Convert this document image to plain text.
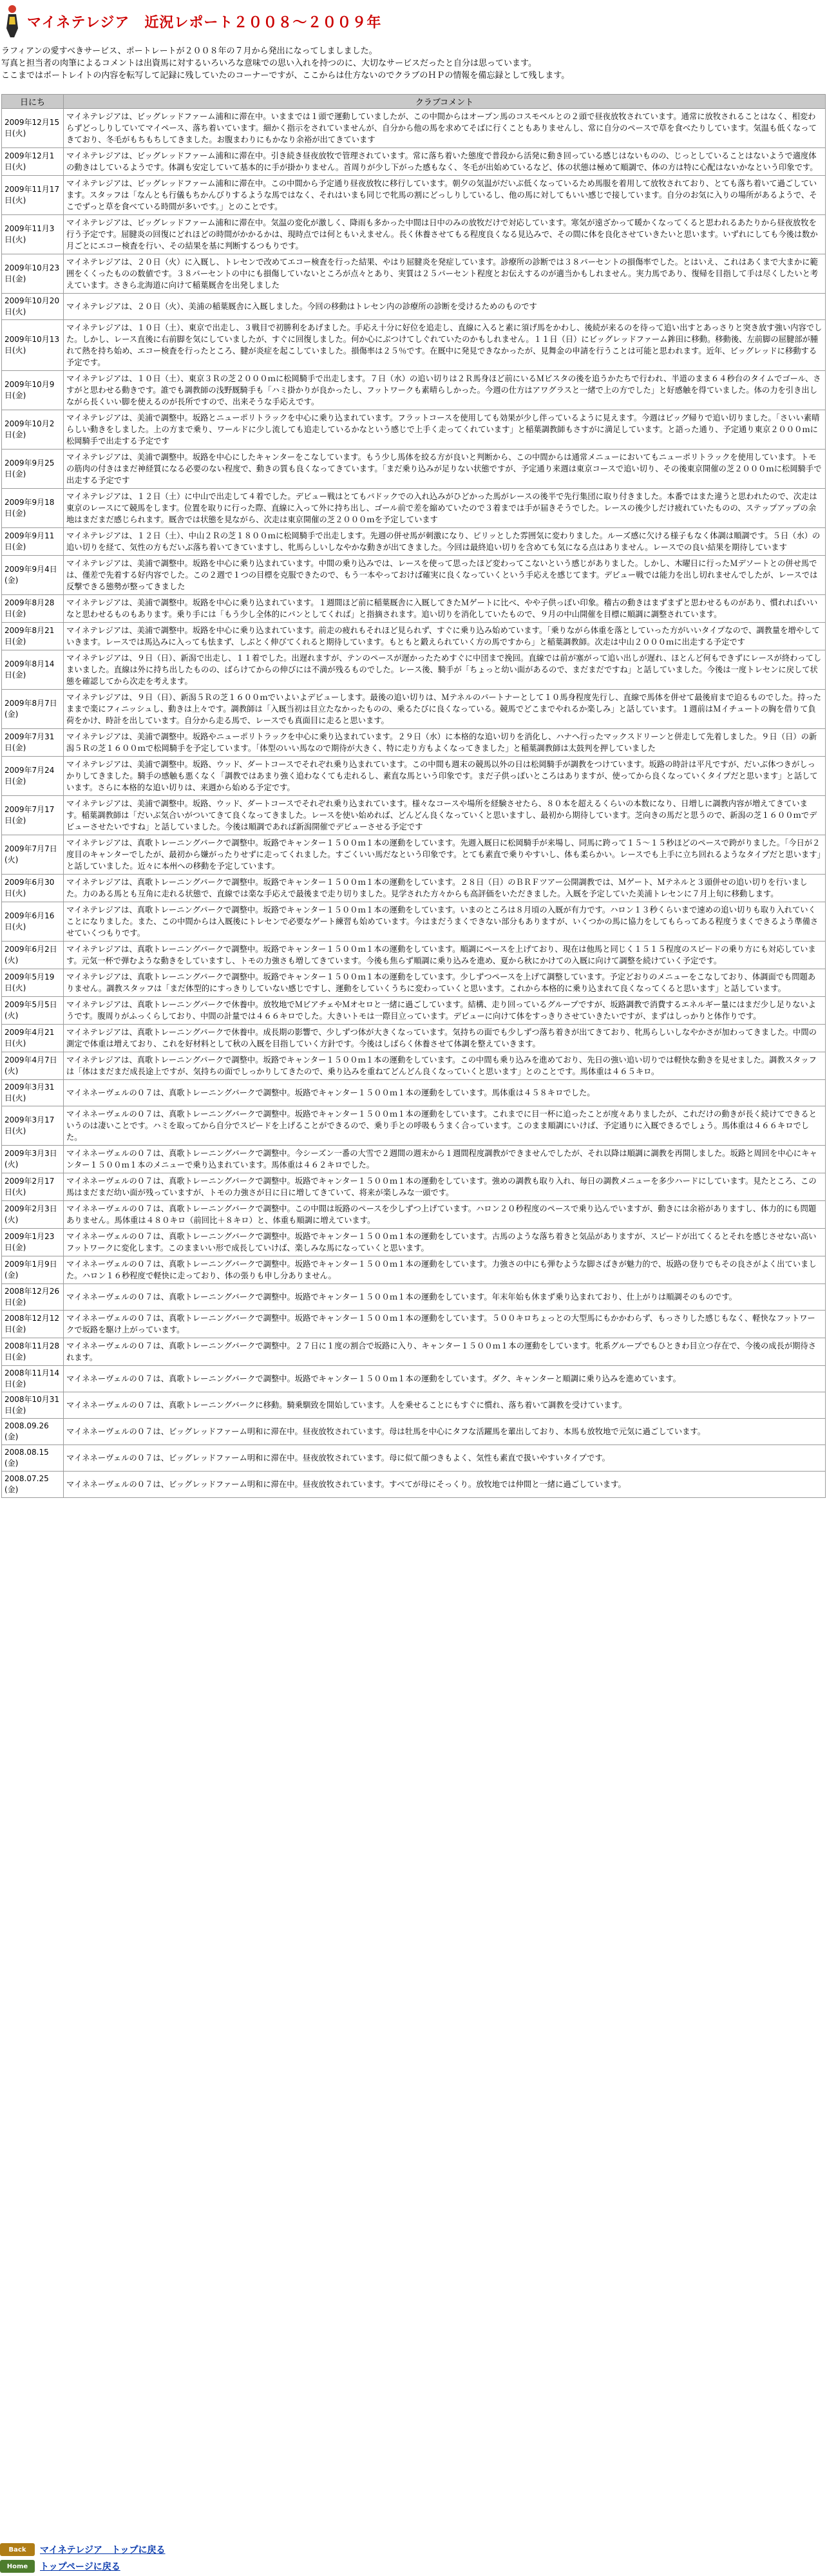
マイネテレジア　近況レポート２００８～２００９年

ラフィアンの愛すべきサービス、ポートレートが２００８年の７月から発出になってしましました。

写真と担当者の肉筆によるコメントは出資馬に対するいろいろな意味での思い入れを持つのに、大切なサービスだったと自分は思っています。

ここまではポートレイトの内容を転写して記録に残していたのコーナーですが、ここからは仕方ないのでクラブのＨＰの情報を備忘録として残します。

日にち	クラブコメント
2009年12月15日(火)	マイネテレジアは、ビッグレッドファーム浦和に滞在中。いままでは１頭で運動していましたが、この中間からはオープン馬のコスモベルとの２頭で昼夜放牧されています。通常に放牧されることはなく、相変わらずどっしりしていてマイペース、落ち着いています。細かく指示をされていませんが、自分から他の馬を求めてそばに行くこともありませんし、常に自分のペースで草を食べたりしています。気温も低くなってきており、冬毛がもちもちしてきました。お腹まわりにもかなり余裕が出てきています
2009年12月1日(火)	マイネテレジアは、ビッグレッドファーム浦和に滞在中。引き続き昼夜放牧で管理されています。常に落ち着いた態度で普段から活発に動き回っている感じはないものの、じっとしていることはないようで適度体の動きはしているようです。体調も安定していて基本的に手が掛かりません。首周りが少し下がった感もなく、冬毛が出始めているなど、体の状態は極めて順調で、体の方は特に心配はないかなという印象です。
2009年11月17日(火)	マイネテレジアは、ビッグレッドファーム浦和に滞在中。この中間から予定通り昼夜放牧に移行しています。朝夕の気温がだいぶ低くなっているため馬服を着用して放牧されており、とても落ち着いて過ごしています。スタッフは「なんとも行儀もちかんびりするような馬ではなく、それはいまも同じで牝馬の割にどっしりしているし、他の馬に対してもいい感じで接しています。自分のお気に入りの場所があるようで、そこでずっと草を食べている時間が多いです。」とのことです。
2009年11月3日(火)	マイネテレジアは、ビッグレッドファーム浦和に滞在中。気温の変化が激しく、降雨も多かった中間は日中のみの放牧だけで対応しています。寒気が遠ざかって暖かくなってくると思われるあたりから昼夜放牧を行う予定です。屈腱炎の回復にどれほどの時間がかかるかは、現時点では何ともいえません。長く休養させてもる程度良くなる見込みで、その間に体を良化させていきたいと思います。いずれにしても今後は数か月ごとにエコー検査を行い、その結果を基に判断するつもりです。
2009年10月23日(金)	マイネテレジアは、２０日（火）に入厩し、トレセンで改めてエコー検査を行った結果、やはり屈腱炎を発症しています。診療所の診断では３８パーセントの損傷率でした。とはいえ、これはあくまで大まかに範囲をくくったものの数値です。３８パーセントの中にも損傷していないところが点々とあり、実質は２５パーセント程度とお伝えするのが適当かもしれません。実力馬であり、復帰を目指して手は尽くしたいと考えています。さきら北海道に向けて稲葉厩舎を出発しました
2009年10月20日(火)	マイネテレジアは、２０日（火）、美浦の稲葉厩舎に入厩しました。今回の移動はトレセン内の診療所の診断を受けるためのものです
2009年10月13日(火)	マイネテレジアは、１０日（土）、東京で出走し、３戦目で初勝利をあげました。手応え十分に好位を追走し、直線に入ると素に須げ馬をかわし、後続が来るのを待って追い出すとあっさりと突き放す強い内容でした。しかし、レース直後に右前脚を気にしていましたが、すぐに回復しました。何か心にぶつけてしぐれていたのかもしれません。１１日（日）にビッグレッドファーム鉾田に移動。移動後、左前脚の屈腱部が腫れて熱を持ち始め、エコー検査を行ったところ、腱が炎症を起こしていました。損傷率は２５％です。在厩中に発見できなかったが、見舞金の申請を行うことは可能と思われます。近年、ビッグレッドに移動する予定です。
2009年10月9日(金)	マイネテレジアは、１０日（土）、東京３Ｒの芝２０００ｍに松岡騎手で出走します。７日（水）の追い切りは２Ｒ馬身ほど前にいるＭビスタの後を追うかたちで行われ、半道のまま６４秒台のタイムでゴール、さすがと思わせる動きです。誰でも調教師の浅野厩騎手も「ハミ掛かりが良かったし、フットワークも素晴らしかった。今週の仕方はアワグラスと一緒で上の方でした」と好感触を得ていました。体の力を引き出しながら長くいい脚を使えるのが長所ですので、出来そうな手応えです。
2009年10月2日(金)	マイネテレジアは、美浦で調整中。坂路とニューポリトラックを中心に乗り込まれています。フラットコースを使用しても効果が少し伴っているように見えます。今週はビッグ帰りで追い切りました。「さいい素晴らしい動きをしました。上の方まで乗り、ワールドに少し流しても追走しているかなという感じで上手く走ってくれています」と稲葉調教師もさすがに満足しています。と語った通り、予定通り東京２０００ｍに松岡騎手で出走する予定です
2009年9月25日(金)	マイネテレジアは、美浦で調整中。坂路を中心にしたキャンターをこなしています。もう少し馬体を絞る方が良いと判断から、この中間からは通常メニューにおいてもニューポリトラックを使用しています。トモの筋肉の付きはまだ神経質になる必要のない程度で、動きの質も良くなってきています。「まだ乗り込みが足りない状態ですが、予定通り来週は東京コースで追い切り、その後東京開催の芝２０００ｍに松岡騎手で出走する予定です
2009年9月18日(金)	マイネテレジアは、１２日（土）に中山で出走して４着でした。デビュー戦はとてもパドックでの入れ込みがひどかった馬がレースの後半で先行集団に取り付きました。本番ではまた違うと思われたので、次走は東京のレースにて競馬をします。位置を取りに行った際、直線に入って外に持ち出し、ゴール前で差を縮めていたので３着までは手が届きそうでした。レースの後少しだけ疲れていたものの、ステップアップの余地はまだまだ感じられます。厩舎では状態を見ながら、次走は東京開催の芝２０００ｍを予定しています
2009年9月11日(金)	マイネテレジアは、１２日（土）、中山２Ｒの芝１８００ｍに松岡騎手で出走します。先週の併せ馬が刺激になり、ピリッとした雰囲気に変わりました。ルーズ感に欠ける様子もなく体調は順調です。５日（水）の追い切りを経て、気性の方もだいぶ落ち着いてきていますし、牝馬らしいしなやかな動きが出てきました。今回は最終追い切りを含めても気になる点はありません。レースでの良い結果を期待しています
2009年9月4日(金)	マイネテレジアは、美浦で調整中。坂路を中心に乗り込まれています。中間の乗り込みでは、レースを使って思ったほど変わってこないという感じがありました。しかし、木曜日に行ったＭデソートとの併せ馬では、僅差で先着する好内容でした。この２週で１つの目標を克服できたので、もう一本やっておけば確実に良くなっていくという手応えを感じてます。デビュー戦では能力を出し切れませんでしたが、レースでは反撃できる態勢が整ってきました
2009年8月28日(金)	マイネテレジアは、美浦で調整中。坂路を中心に乗り込まれています。１週間ほど前に稲葉厩舎に入厩してきたＭゲートに比べ、やや子供っぽい印象。稽古の動きはまずまずと思わせるものがあり、慣れればいいなと思わせるものもあります。乗り手には「もう少し全体的にパンとしてくれば」と指摘されます。追い切りを消化していたもので、９月の中山開催を目標に順調に調整されています。
2009年8月21日(金)	マイネテレジアは、美浦で調整中。坂路を中心に乗り込まれています。前走の疲れもそれほど見られず、すぐに乗り込み始めています。「乗りながら体重を落としていった方がいいタイプなので、調教量を増やしていきます。レースでは馬込みに入っても怯まず、しぶとく伸びてくれると期待しています。もともと鍛えられていく方の馬ですから」と稲葉調教師。次走は中山２０００ｍに出走する予定です
2009年8月14日(金)	マイネテレジアは、９日（日）、新潟で出走し、１１着でした。出遅れますが、テンのペースが遅かったためすぐに中団まで挽回。直線では前が塞がって追い出しが遅れ、ほとんど何もできずにレースが終わってしまいました。直線は外に持ち出したものの、ばらけてからの伸びには不満が残るものでした。レース後、騎手が「ちょっと幼い面があるので、まだまだですね」と話していました。今後は一度トレセンに戻して状態を確認してから次走を考えます。
2009年8月7日(金)	マイネテレジアは、９日（日）、新潟５Ｒの芝１６００ｍでいよいよデビューします。最後の追い切りは、Ｍテネルのパートナーとして１０馬身程度先行し、直線で馬体を併せて最後肩まで迫るものでした。持ったままで楽にフィニッシュし、動きは上々です。調教師は「入厩当初は目立たなかったものの、乗るたびに良くなっている。競馬でどこまでやれるか楽しみ」と話しています。１週前はＭイチュートの胸を借りて負荷をかけ、時計を出しています。自分から走る馬で、レースでも真面目に走ると思います。
2009年7月31日(金)	マイネテレジアは、美浦で調整中。坂路やニューポリトラックを中心に乗り込まれています。２９日（水）に本格的な追い切りを消化し、ハナへ行ったマックスドリーンと併走して先着しました。９日（日）の新潟５Ｒの芝１６００ｍで松岡騎手を予定しています。「体型のいい馬なので期待が大きく、特に走り方もよくなってきました」と稲葉調教師は太鼓判を押していました
2009年7月24日(金)	マイネテレジアは、美浦で調整中。坂路、ウッド、ダートコースでそれぞれ乗り込まれています。この中間も週末の競馬以外の日は松岡騎手が調教をつけています。坂路の時計は平凡ですが、だいぶ体つきがしっかりしてきました。騎手の感触も悪くなく「調教ではあまり強く追わなくても走れるし、素直な馬という印象です。まだ子供っぽいところはありますが、使ってから良くなっていくタイプだと思います」と話しています。さらに本格的な追い切りは、来週から始める予定です。
2009年7月17日(金)	マイネテレジアは、美浦で調整中。坂路、ウッド、ダートコースでそれぞれ乗り込まれています。様々なコースや場所を経験させたら、８０本を超えるくらいの本数になり、日増しに調教内容が増えてきています。稲葉調教師は「だいぶ気合いがついてきて良くなってきました。レースを使い始めれば、どんどん良くなっていくと思いますし、最初から期待しています。芝向きの馬だと思うので、新潟の芝１６００ｍでデビューさせたいですね」と話していました。今後は順調であれば新潟開催でデビューさせる予定です
2009年7月7日(火)	マイネテレジアは、真歌トレーニングパークで調整中。坂路でキャンター１５００ｍ１本の運動をしています。先週入厩日に松岡騎手が来場し、同馬に跨って１５～１５秒ほどのペースで跨がりました。「今日が２度目のキャンターでしたが、最初から嫌がったりせずに走ってくれました。すごくいい馬だなという印象です。とても素直で乗りやすいし、体も柔らかい。レースでも上手に立ち回れるようなタイプだと思います」と話していました。近々に本州への移動を予定しています。
2009年6月30日(火)	マイネテレジアは、真歌トレーニングパークで調整中。坂路でキャンター１５００ｍ１本の運動をしています。２８日（日）のＢＲＦツアー公開調教では、Ｍゲート、Ｍテネルと３頭併せの追い切りを行いました。力のある馬とも互角に走れる状態で、直線では楽な手応えで最後まで走り切りました。見学された方々からも高評価をいただきました。入厩を予定していた美浦トレセンに７月上旬に移動します。
2009年6月16日(火)	マイネテレジアは、真歌トレーニングパークで調整中。坂路でキャンター１５００ｍ１本の運動をしています。いまのところは８月頃の入厩が有力です。ハロン１３秒くらいまで速めの追い切りも取り入れていくことになりました。また、この中間からは入厩後にトレセンで必要なゲート練習も始めています。今はまだうまくできない部分もありますが、いくつかの馬に協力をしてもらってある程度うまくできるよう準備させていくつもりです。
2009年6月2日(火)	マイネテレジアは、真歌トレーニングパークで調整中。坂路でキャンター１５００ｍ１本の運動をしています。順調にペースを上げており、現在は他馬と同じく１５１５程度のスピードの乗り方にも対応しています。元気一杯で弾むような動きをしていますし、トモの力強さも増してきています。今後も焦らず順調に乗り込みを進め、夏から秋にかけての入厩に向けて調整を続けていく予定です。
2009年5月19日(火)	マイネテレジアは、真歌トレーニングパークで調整中。坂路でキャンター１５００ｍ１本の運動をしています。少しずつペースを上げて調整しています。予定どおりのメニューをこなしており、体調面でも問題ありません。調教スタッフは「まだ体型的にすっきりしていない感じですし、運動をしていくうちに変わっていくと思います。これから本格的に乗り込まれて良くなってくると思います」と話しています。
2009年5月5日(火)	マイネテレジアは、真歌トレーニングパークで休養中。放牧地でＭビアチェやＭオセロと一緒に過ごしています。結構、走り回っているグループですが、坂路調教で消費するエネルギー量にはまだ少し足りないようです。腹周りがふっくらしており、中間の計量では４６６キロでした。大きいトモは一際目立っています。デビューに向けて体をすっきりさせていきたいですが、まずはしっかりと体作りです。
2009年4月21日(火)	マイネテレジアは、真歌トレーニングパークで休養中。成長期の影響で、少しずつ体が大きくなっています。気持ちの面でも少しずつ落ち着きが出てきており、牝馬らしいしなやかさが加わってきました。中間の測定で体重は増えており、これを好材料として秋の入厩を目指していく方針です。今後はしばらく休養させて体調を整えていきます。
2009年4月7日(火)	マイネテレジアは、真歌トレーニングパークで調整中。坂路でキャンター１５００ｍ１本の運動をしています。この中間も乗り込みを進めており、先日の強い追い切りでは軽快な動きを見せました。調教スタッフは「体はまだまだ成長途上ですが、気持ちの面でしっかりしてきたので、乗り込みを重ねてどんどん良くなっていくと思います」とのことです。馬体重は４６５キロ。
2009年3月31日(火)	マイネネーヴェルの０７は、真歌トレーニングパークで調整中。坂路でキャンター１５００ｍ１本の運動をしています。馬体重は４５８キロでした。
2009年3月17日(火)	マイネネーヴェルの０７は、真歌トレーニングパークで調整中。坂路でキャンター１５００ｍ１本の運動をしています。これまでに目一杯に追ったことが度々ありましたが、これだけの動きが長く続けてできるというのは凄いことです。ハミを取ってから自分でスピードを上げることができるので、乗り手との呼吸もうまく合っています。このまま順調にいけば、予定通りに入厩できるでしょう。馬体重は４６６キロでした。
2009年3月3日(火)	マイネネーヴェルの０７は、真歌トレーニングパークで調整中。今シーズン一番の大雪で２週間の週末から１週間程度調教ができませんでしたが、それ以降は順調に調教を再開しました。坂路と周回を中心にキャンター１５００ｍ１本のメニューで乗り込まれています。馬体重は４６２キロでした。
2009年2月17日(火)	マイネネーヴェルの０７は、真歌トレーニングパークで調整中。坂路でキャンター１５００ｍ１本の運動をしています。強めの調教も取り入れ、毎日の調教メニューを多少ハードにしています。見たところ、この馬はまだまだ幼い面が残っていますが、トモの力強さが日に日に増してきていて、将来が楽しみな一頭です。
2009年2月3日(火)	マイネネーヴェルの０７は、真歌トレーニングパークで調整中。この中間は坂路のペースを少しずつ上げています。ハロン２０秒程度のペースで乗り込んでいますが、動きには余裕がありますし、体力的にも問題ありません。馬体重は４８０キロ（前回比＋８キロ）と、体重も順調に増えています。
2009年1月23日(金)	マイネネーヴェルの０７は、真歌トレーニングパークで調整中。坂路でキャンター１５００ｍ１本の運動をしています。古馬のような落ち着きと気品がありますが、スピードが出てくるとそれを感じさせない高いフットワークに変化します。このままいい形で成長していけば、楽しみな馬になっていくと思います。
2009年1月9日(金)	マイネネーヴェルの０７は、真歌トレーニングパークで調整中。坂路でキャンター１５００ｍ１本の運動をしています。力強さの中にも弾むような脚さばきが魅力的で、坂路の登りでもその良さがよく出ていました。ハロン１６秒程度で軽快に走っており、体の張りも申し分ありません。
2008年12月26日(金)	マイネネーヴェルの０７は、真歌トレーニングパークで調整中。坂路でキャンター１５００ｍ１本の運動をしています。年末年始も休まず乗り込まれており、仕上がりは順調そのものです。
2008年12月12日(金)	マイネネーヴェルの０７は、真歌トレーニングパークで調整中。坂路でキャンター１５００ｍ１本の運動をしています。５００キロちょっとの大型馬にもかかわらず、もっさりした感じもなく、軽快なフットワークで坂路を駆け上がっています。
2008年11月28日(金)	マイネネーヴェルの０７は、真歌トレーニングパークで調整中。２７日に１度の割合で坂路に入り、キャンター１５００ｍ１本の運動をしています。牝系グループでもひときわ目立つ存在で、今後の成長が期待されます。
2008年11月14日(金)	マイネネーヴェルの０７は、真歌トレーニングパークで調整中。坂路でキャンター１５００ｍ１本の運動をしています。ダク、キャンターと順調に乗り込みを進めています。
2008年10月31日(金)	マイネネーヴェルの０７は、真歌トレーニングパークに移動。騎乗馴致を開始しています。人を乗せることにもすぐに慣れ、落ち着いて調教を受けています。
2008.09.26(金)	マイネネーヴェルの０７は、ビッグレッドファーム明和に滞在中。昼夜放牧されています。母は牡馬を中心にタフな活躍馬を輩出しており、本馬も放牧地で元気に過ごしています。
2008.08.15(金)	マイネネーヴェルの０７は、ビッグレッドファーム明和に滞在中。昼夜放牧されています。母に似て顔つきもよく、気性も素直で扱いやすいタイプです。
2008.07.25(金)	マイネネーヴェルの０７は、ビッグレッドファーム明和に滞在中。昼夜放牧されています。すべてが母にそっくり。放牧地では仲間と一緒に過ごしています。
Back	マイネテレジア　トップに戻る
Home	トップページに戻る
